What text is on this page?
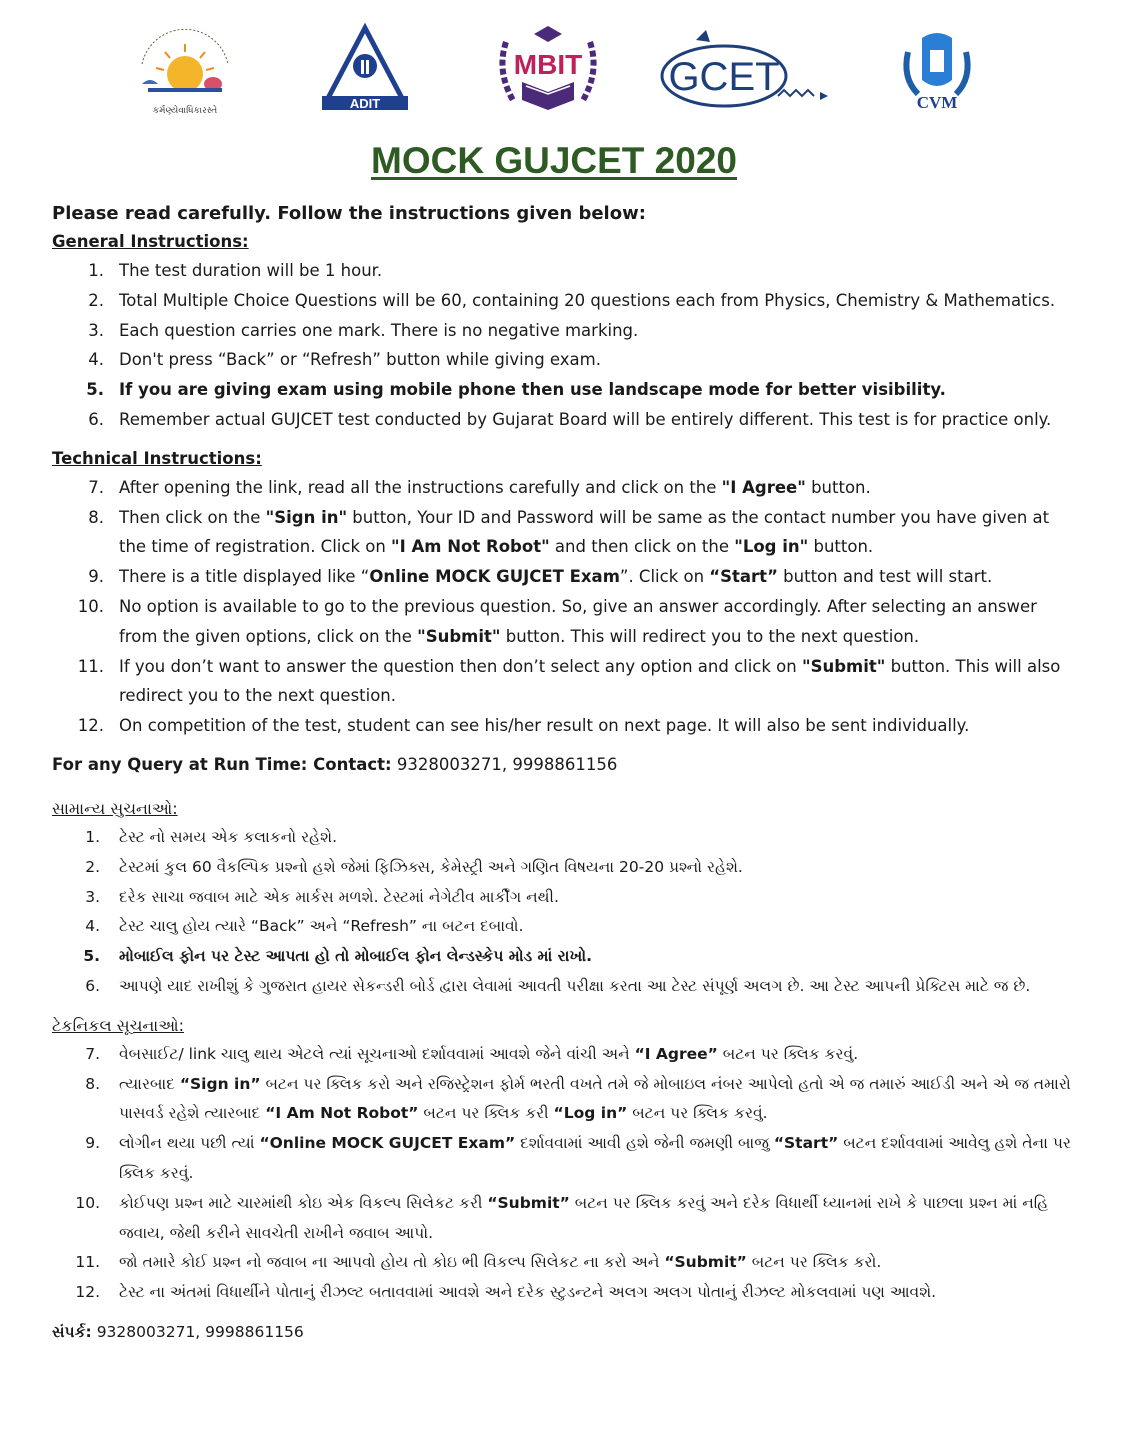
કર્મણ્યેવાધિકારસ્તે	ADIT
MBIT GCET
CVM
MOCK GUJCET 2020

Please read carefully. Follow the instructions given below:

General Instructions:

1. The test duration will be 1 hour.
2. Total Multiple Choice Questions will be 60, containing 20 questions each from Physics, Chemistry & Mathematics.
3. Each question carries one mark. There is no negative marking.
4. Don't press “Back” or “Refresh” button while giving exam.
5. If you are giving exam using mobile phone then use landscape mode for better visibility.
6. Remember actual GUJCET test conducted by Gujarat Board will be entirely different. This test is for practice only.

Technical Instructions:

7. After opening the link, read all the instructions carefully and click on the "I Agree" button.
8. Then click on the "Sign in" button, Your ID and Password will be same as the contact number you have given at the time of registration. Click on "I Am Not Robot" and then click on the "Log in" button.
9. There is a title displayed like “Online MOCK GUJCET Exam”. Click on “Start” button and test will start.
10. No option is available to go to the previous question. So, give an answer accordingly. After selecting an answer from the given options, click on the "Submit" button. This will redirect you to the next question.
11. If you don’t want to answer the question then don’t select any option and click on "Submit" button. This will also redirect you to the next question.
12. On competition of the test, student can see his/her result on next page. It will also be sent individually.

For any Query at Run Time: Contact: 9328003271, 9998861156

સામાન્ય સુચનાઓ:

1. ટેસ્ટ નો સમય એક કલાકનો રહેશે.
2. ટેસ્ટમાં કુલ 60 વૈકલ્પિક પ્રશ્નો હશે જેમાં ફિઝિક્સ, કેમેસ્ટ્રી અને ગણિત વિષયના 20-20 પ્રશ્નો રહેશે.
3. દરેક સાચા જવાબ માટે એક માર્કસ મળશે. ટેસ્ટમાં નેગેટીવ માર્કીંગ નથી.
4. ટેસ્ટ ચાલુ હોય ત્યારે “Back” અને “Refresh” ના બટન દબાવો.
5. મોબાઈલ ફોન પર ટેસ્ટ આપતા હો તો મોબાઈલ ફોન લેન્ડસ્કેપ મોડ માં રાખો.
6. આપણે યાદ રાખીશું કે ગુજરાત હાયર સેકન્ડરી બોર્ડ દ્વારા લેવામાં આવતી પરીક્ષા કરતા આ ટેસ્ટ સંપૂર્ણ અલગ છે. આ ટેસ્ટ આપની પ્રેક્ટિસ માટે જ છે.

ટેકનિકલ સૂચનાઓ:

7. વેબસાઈટ/ link ચાલુ થાય એટલે ત્યાં સૂચનાઓ દર્શાવવામાં આવશે જેને વાંચી અને “I Agree” બટન પર ક્લિક કરવું.
8. ત્યારબાદ “Sign in” બટન પર ક્લિક કરો અને રજિસ્ટ્રેશન ફોર્મ ભરતી વખતે તમે જે મોબાઇલ નંબર આપેલો હતો એ જ તમારું આઈડી અને એ જ તમારો પાસવર્ડ રહેશે ત્યારબાદ “I Am Not Robot” બટન પર ક્લિક કરી “Log in” બટન પર ક્લિક કરવું.
9. લોગીન થયા પછી ત્યાં “Online MOCK GUJCET Exam” દર્શાવવામાં આવી હશે જેની જમણી બાજુ “Start” બટન દર્શાવવામાં આવેલુ હશે તેના પર ક્લિક કરવું.
10. કોઈપણ પ્રશ્ન માટે ચારમાંથી કોઇ એક વિકલ્પ સિલેકટ કરી “Submit” બટન પર ક્લિક કરવું અને દરેક વિધાર્થી ધ્યાનમાં રાખે કે પાછલા પ્રશ્ન માં નહિ જવાય, જેથી કરીને સાવચેતી રાખીને જવાબ આપો.
11. જો તમારે કોઈ પ્રશ્ન નો જવાબ ના આપવો હોય તો કોઇ ભી વિકલ્પ સિલેકટ ના કરો અને “Submit” બટન પર ક્લિક કરો.
12. ટેસ્ટ ના અંતમાં વિધાર્થીને પોતાનું રીઝલ્ટ બતાવવામાં આવશે અને દરેક સ્ટુડન્ટને અલગ અલગ પોતાનું રીઝલ્ટ મોકલવામાં પણ આવશે.

સંપર્ક: 9328003271, 9998861156
